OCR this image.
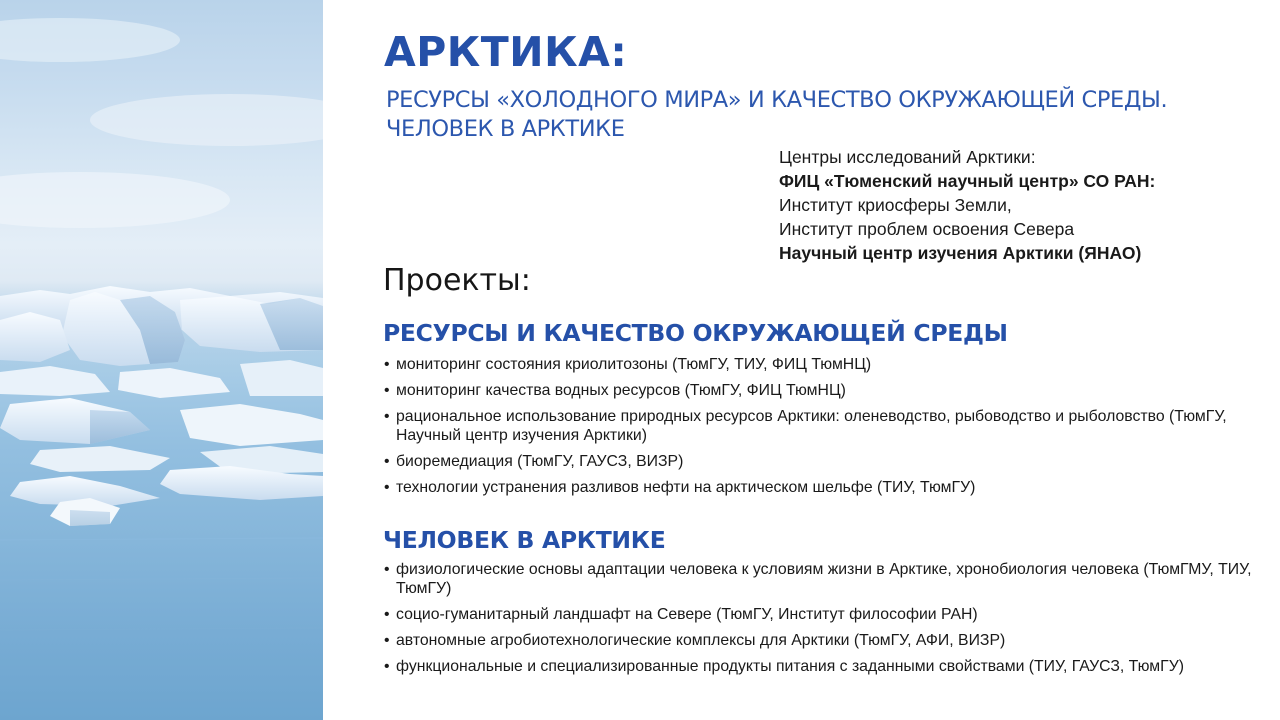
АРКТИКА:
РЕСУРСЫ «ХОЛОДНОГО МИРА» И КАЧЕСТВО ОКРУЖАЮЩЕЙ СРЕДЫ.
ЧЕЛОВЕК В АРКТИКЕ
Центры исследований Арктики:
ФИЦ «Тюменский научный центр» СО РАН:
Институт криосферы Земли,
Институт проблем освоения Севера
Научный центр изучения Арктики (ЯНАО)
Проекты:
РЕСУРСЫ И КАЧЕСТВО ОКРУЖАЮЩЕЙ СРЕДЫ
• мониторинг состояния криолитозоны (ТюмГУ, ТИУ, ФИЦ ТюмНЦ)
• мониторинг качества водных ресурсов (ТюмГУ, ФИЦ ТюмНЦ)
• рациональное использование природных ресурсов Арктики: оленеводство, рыбоводство и рыболовство (ТюмГУ, Научный центр изучения Арктики)
• биоремедиация (ТюмГУ, ГАУСЗ, ВИЗР)
• технологии устранения разливов нефти на арктическом шельфе (ТИУ, ТюмГУ)
ЧЕЛОВЕК В АРКТИКЕ
• физиологические основы адаптации человека к условиям жизни в Арктике, хронобиология человека (ТюмГМУ, ТИУ, ТюмГУ)
• социо-гуманитарный ландшафт на Севере (ТюмГУ, Институт философии РАН)
• автономные агробиотехнологические комплексы для Арктики (ТюмГУ, АФИ, ВИЗР)
• функциональные и специализированные продукты питания с заданными свойствами (ТИУ, ГАУСЗ, ТюмГУ)
